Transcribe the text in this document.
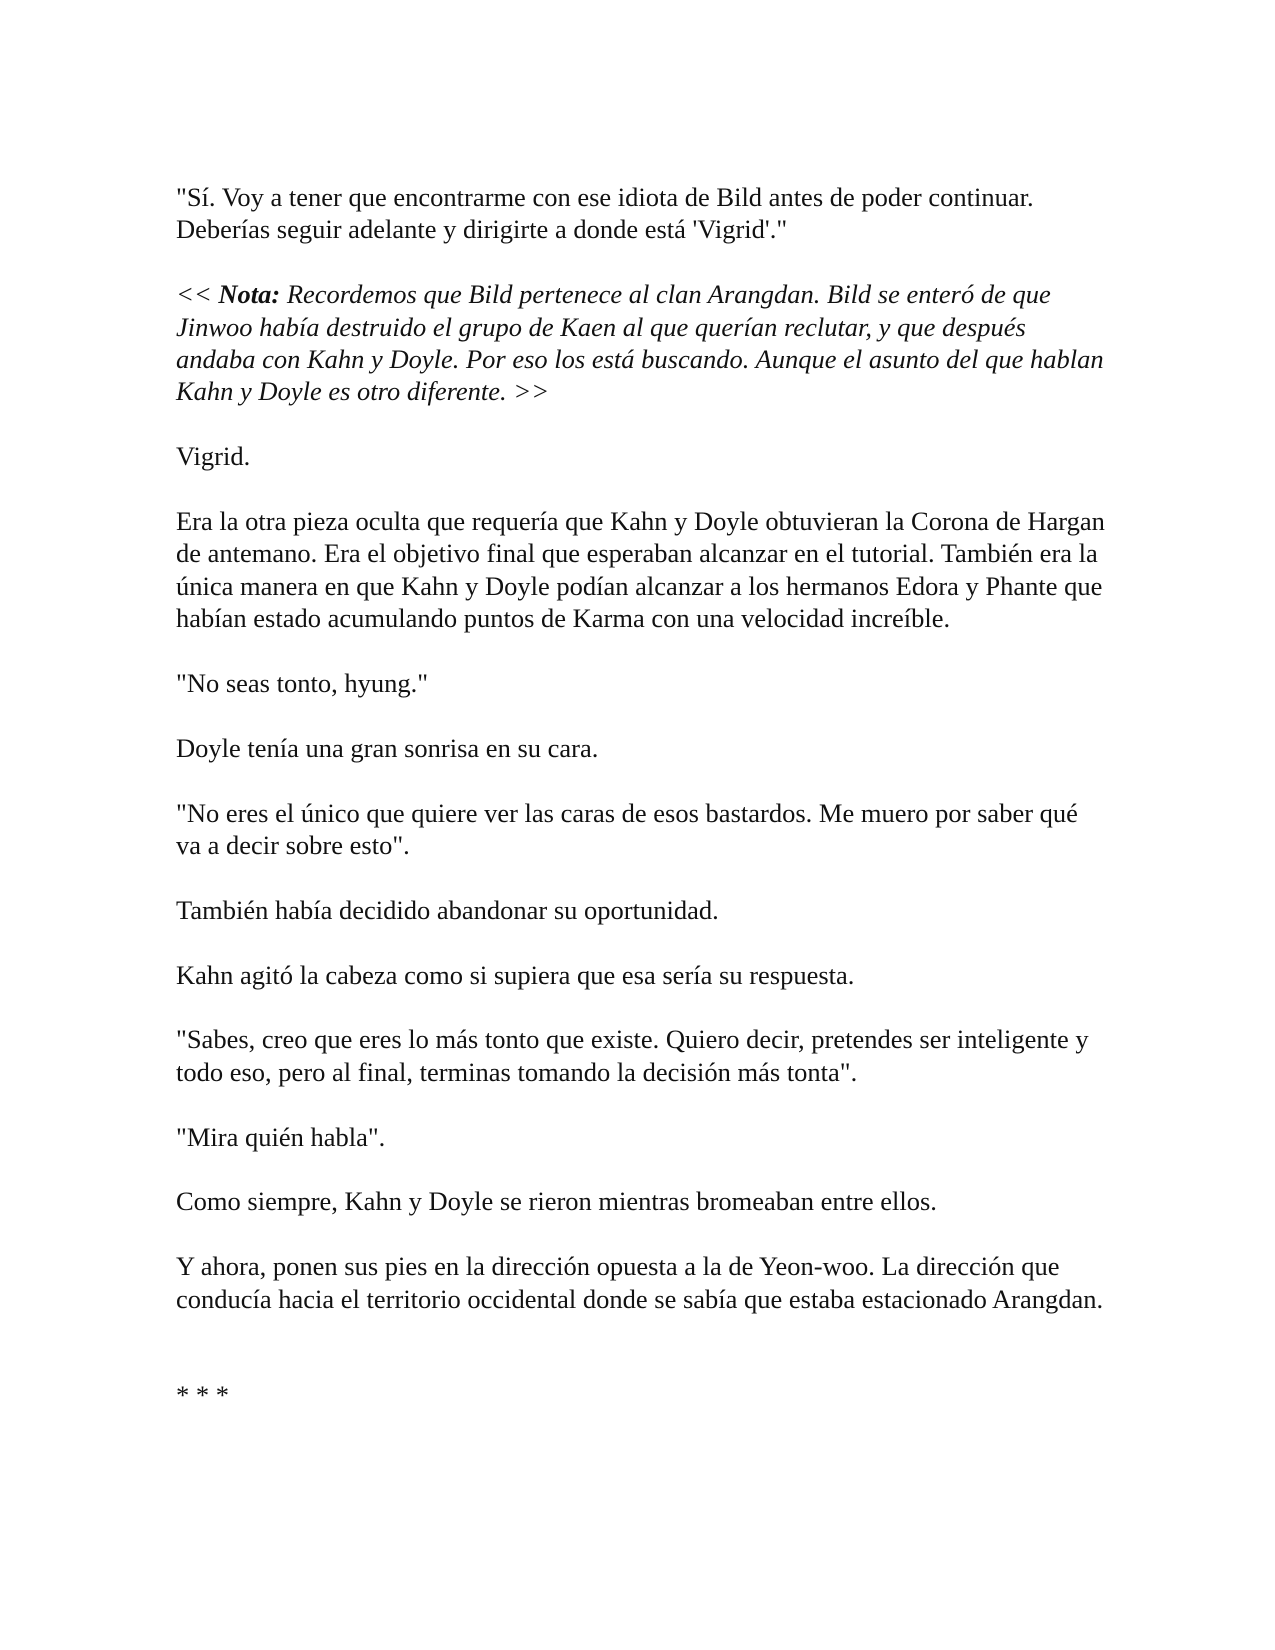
"Sí. Voy a tener que encontrarme con ese idiota de Bild antes de poder continuar. Deberías seguir adelante y dirigirte a donde está 'Vigrid'."

<< Nota: Recordemos que Bild pertenece al clan Arangdan. Bild se enteró de que Jinwoo había destruido el grupo de Kaen al que querían reclutar, y que después andaba con Kahn y Doyle. Por eso los está buscando. Aunque el asunto del que hablan Kahn y Doyle es otro diferente. >>

Vigrid.

Era la otra pieza oculta que requería que Kahn y Doyle obtuvieran la Corona de Hargan de antemano. Era el objetivo final que esperaban alcanzar en el tutorial. También era la única manera en que Kahn y Doyle podían alcanzar a los hermanos Edora y Phante que habían estado acumulando puntos de Karma con una velocidad increíble.

"No seas tonto, hyung."

Doyle tenía una gran sonrisa en su cara.

"No eres el único que quiere ver las caras de esos bastardos. Me muero por saber qué va a decir sobre esto".

También había decidido abandonar su oportunidad.

Kahn agitó la cabeza como si supiera que esa sería su respuesta.

"Sabes, creo que eres lo más tonto que existe. Quiero decir, pretendes ser inteligente y todo eso, pero al final, terminas tomando la decisión más tonta".

"Mira quién habla".

Como siempre, Kahn y Doyle se rieron mientras bromeaban entre ellos.

Y ahora, ponen sus pies en la dirección opuesta a la de Yeon-woo. La dirección que conducía hacia el territorio occidental donde se sabía que estaba estacionado Arangdan.

* * *
